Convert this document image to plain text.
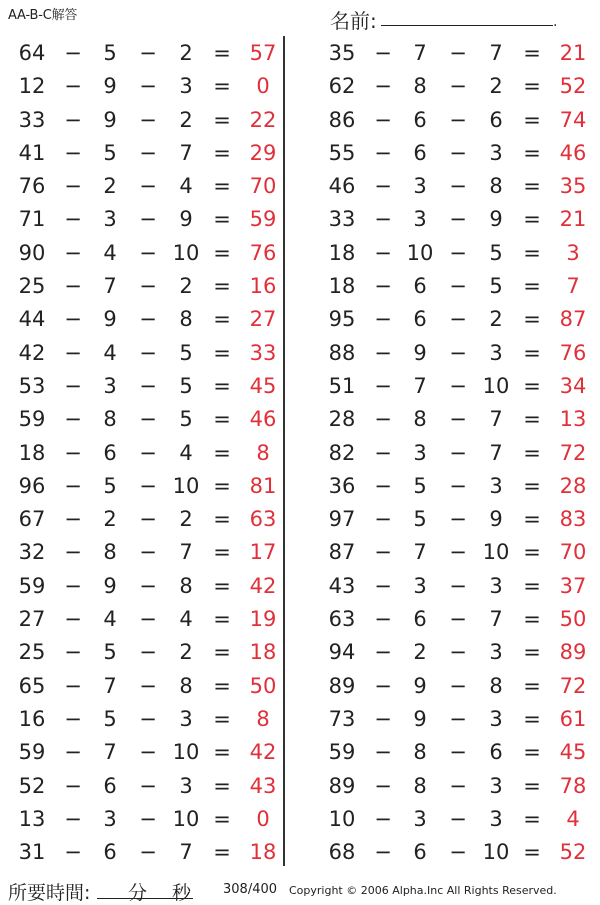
AA-B-C解答	名前:	.
64 −	5	−	2 = 57
12 −	9	−	3 =	0
33 −	9	−	2 = 22
41 −	5	−	7 = 29
76 −	2	−	4 = 70
71 −	3	−	9 = 59
90 −	4	− 10 = 76
25 −	7	−	2 = 16
44 −	9	−	8 = 27
42 −	4	−	5 = 33
53 −	3	−	5 = 45
59 −	8	−	5 = 46
18 −	6	−	4 =	8
96 −	5	− 10 = 81
67 −	2	−	2 = 63
32 −	8	−	7 = 17
59 −	9	−	8 = 42
27 −	4	−	4 = 19
25 −	5	−	2 = 18
65 −	7	−	8 = 50
16 −	5	−	3 =	8
59 −	7	− 10 = 42
52 −	6	−	3 = 43
13 −	3	− 10 =	0
31 −	6	−	7 = 18
35 −	7	−	7 = 21
62 −	8	−	2 = 52
86 −	6	−	6 = 74
55 −	6	−	3 = 46
46 −	3	−	8 = 35
33 −	3	−	9 = 21
18 − 10 −	5 =	3
18 −	6	−	5 =	7
95 −	6	−	2 = 87
88 −	9	−	3 = 76
51 −	7	− 10 = 34
28 −	8	−	7 = 13
82 −	3	−	7 = 72
36 −	5	−	3 = 28
97 −	5	−	9 = 83
87 −	7	− 10 = 70
43 −	3	−	3 = 37
63 −	6	−	7 = 50
94 −	2	−	3 = 89
89 −	9	−	8 = 72
73 −	9	−	3 = 61
59 −	8	−	6 = 45
89 −	8	−	3 = 78
10 −	3	−	3 =	4
68 −	6	− 10 = 52
所要時間: 分 秒 308/400 Copyright © 2006 Alpha.Inc All Rights Reserved.
